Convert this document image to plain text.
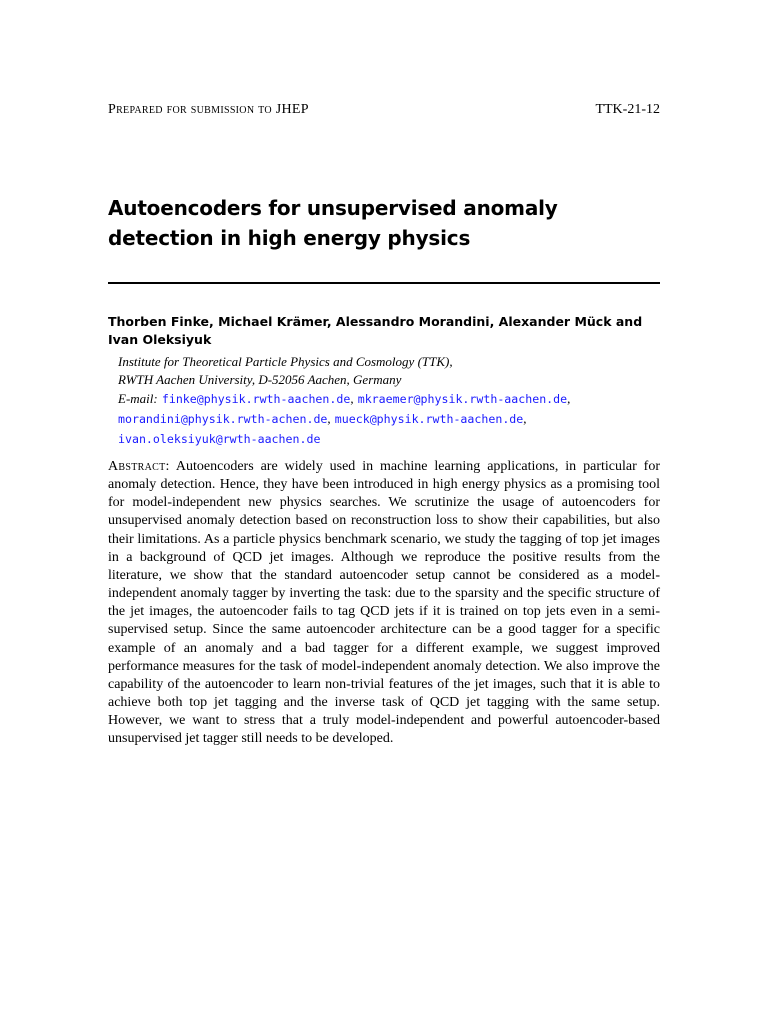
Prepared for submission to JHEP	TTK-21-12
Autoencoders for unsupervised anomaly detection in high energy physics
Thorben Finke, Michael Krämer, Alessandro Morandini, Alexander Mück and Ivan Oleksiyuk
Institute for Theoretical Particle Physics and Cosmology (TTK),
RWTH Aachen University, D-52056 Aachen, Germany
E-mail: finke@physik.rwth-aachen.de, mkraemer@physik.rwth-aachen.de,
morandini@physik.rwth-achen.de, mueck@physik.rwth-aachen.de,
ivan.oleksiyuk@rwth-aachen.de
Abstract: Autoencoders are widely used in machine learning applications, in particular for anomaly detection. Hence, they have been introduced in high energy physics as a promising tool for model-independent new physics searches. We scrutinize the usage of autoencoders for unsupervised anomaly detection based on reconstruction loss to show their capabilities, but also their limitations. As a particle physics benchmark scenario, we study the tagging of top jet images in a background of QCD jet images. Although we reproduce the positive results from the literature, we show that the standard autoencoder setup cannot be considered as a model-independent anomaly tagger by inverting the task: due to the sparsity and the specific structure of the jet images, the autoencoder fails to tag QCD jets if it is trained on top jets even in a semi-supervised setup. Since the same autoencoder architecture can be a good tagger for a specific example of an anomaly and a bad tagger for a different example, we suggest improved performance measures for the task of model-independent anomaly detection. We also improve the capability of the autoencoder to learn non-trivial features of the jet images, such that it is able to achieve both top jet tagging and the inverse task of QCD jet tagging with the same setup. However, we want to stress that a truly model-independent and powerful autoencoder-based unsupervised jet tagger still needs to be developed.
